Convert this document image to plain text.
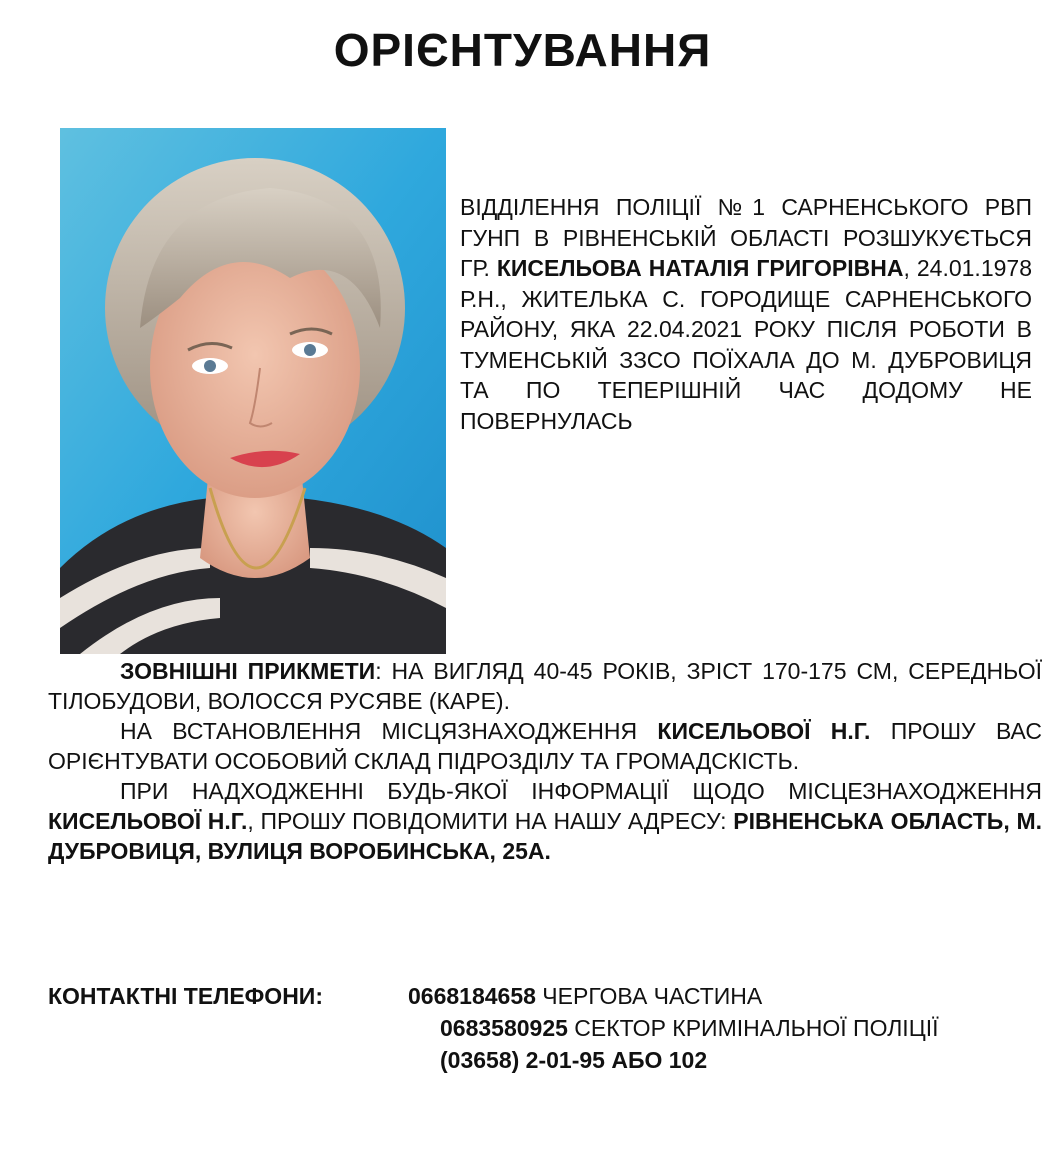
ОРІЄНТУВАННЯ
ВІДДІЛЕННЯ ПОЛІЦІЇ №1 САРНЕНСЬКОГО РВП ГУНП В РІВНЕНСЬКІЙ ОБЛАСТІ РОЗШУКУЄТЬСЯ ГР. КИСЕЛЬОВА НАТАЛІЯ ГРИГОРІВНА, 24.01.1978 Р.Н., ЖИТЕЛЬКА С. ГОРОДИЩЕ САРНЕНСЬКОГО РАЙОНУ, ЯКА 22.04.2021 РОКУ ПІСЛЯ РОБОТИ В ТУМЕНСЬКІЙ ЗЗСО ПОЇХАЛА ДО М. ДУБРОВИЦЯ ТА ПО ТЕПЕРІШНІЙ ЧАС ДОДОМУ НЕ ПОВЕРНУЛАСЬ

ЗОВНІШНІ ПРИКМЕТИ: НА ВИГЛЯД 40-45 РОКІВ, ЗРІСТ 170-175 СМ, СЕРЕДНЬОЇ ТІЛОБУДОВИ, ВОЛОССЯ РУСЯВЕ (КАРЕ).

НА ВСТАНОВЛЕННЯ МІСЦЯЗНАХОДЖЕННЯ КИСЕЛЬОВОЇ Н.Г. ПРОШУ ВАС ОРІЄНТУВАТИ ОСОБОВИЙ СКЛАД ПІДРОЗДІЛУ ТА ГРОМАДСКІСТЬ.

ПРИ НАДХОДЖЕННІ БУДЬ-ЯКОЇ ІНФОРМАЦІЇ ЩОДО МІСЦЕЗНАХОДЖЕННЯ КИСЕЛЬОВОЇ Н.Г., ПРОШУ ПОВІДОМИТИ НА НАШУ АДРЕСУ: РІВНЕНСЬКА ОБЛАСТЬ, М. ДУБРОВИЦЯ, ВУЛИЦЯ ВОРОБИНСЬКА, 25А.

КОНТАКТНІ ТЕЛЕФОНИ:	0668184658 ЧЕРГОВА ЧАСТИНА
0683580925 СЕКТОР КРИМІНАЛЬНОЇ ПОЛІЦІЇ
(03658) 2-01-95 АБО 102
